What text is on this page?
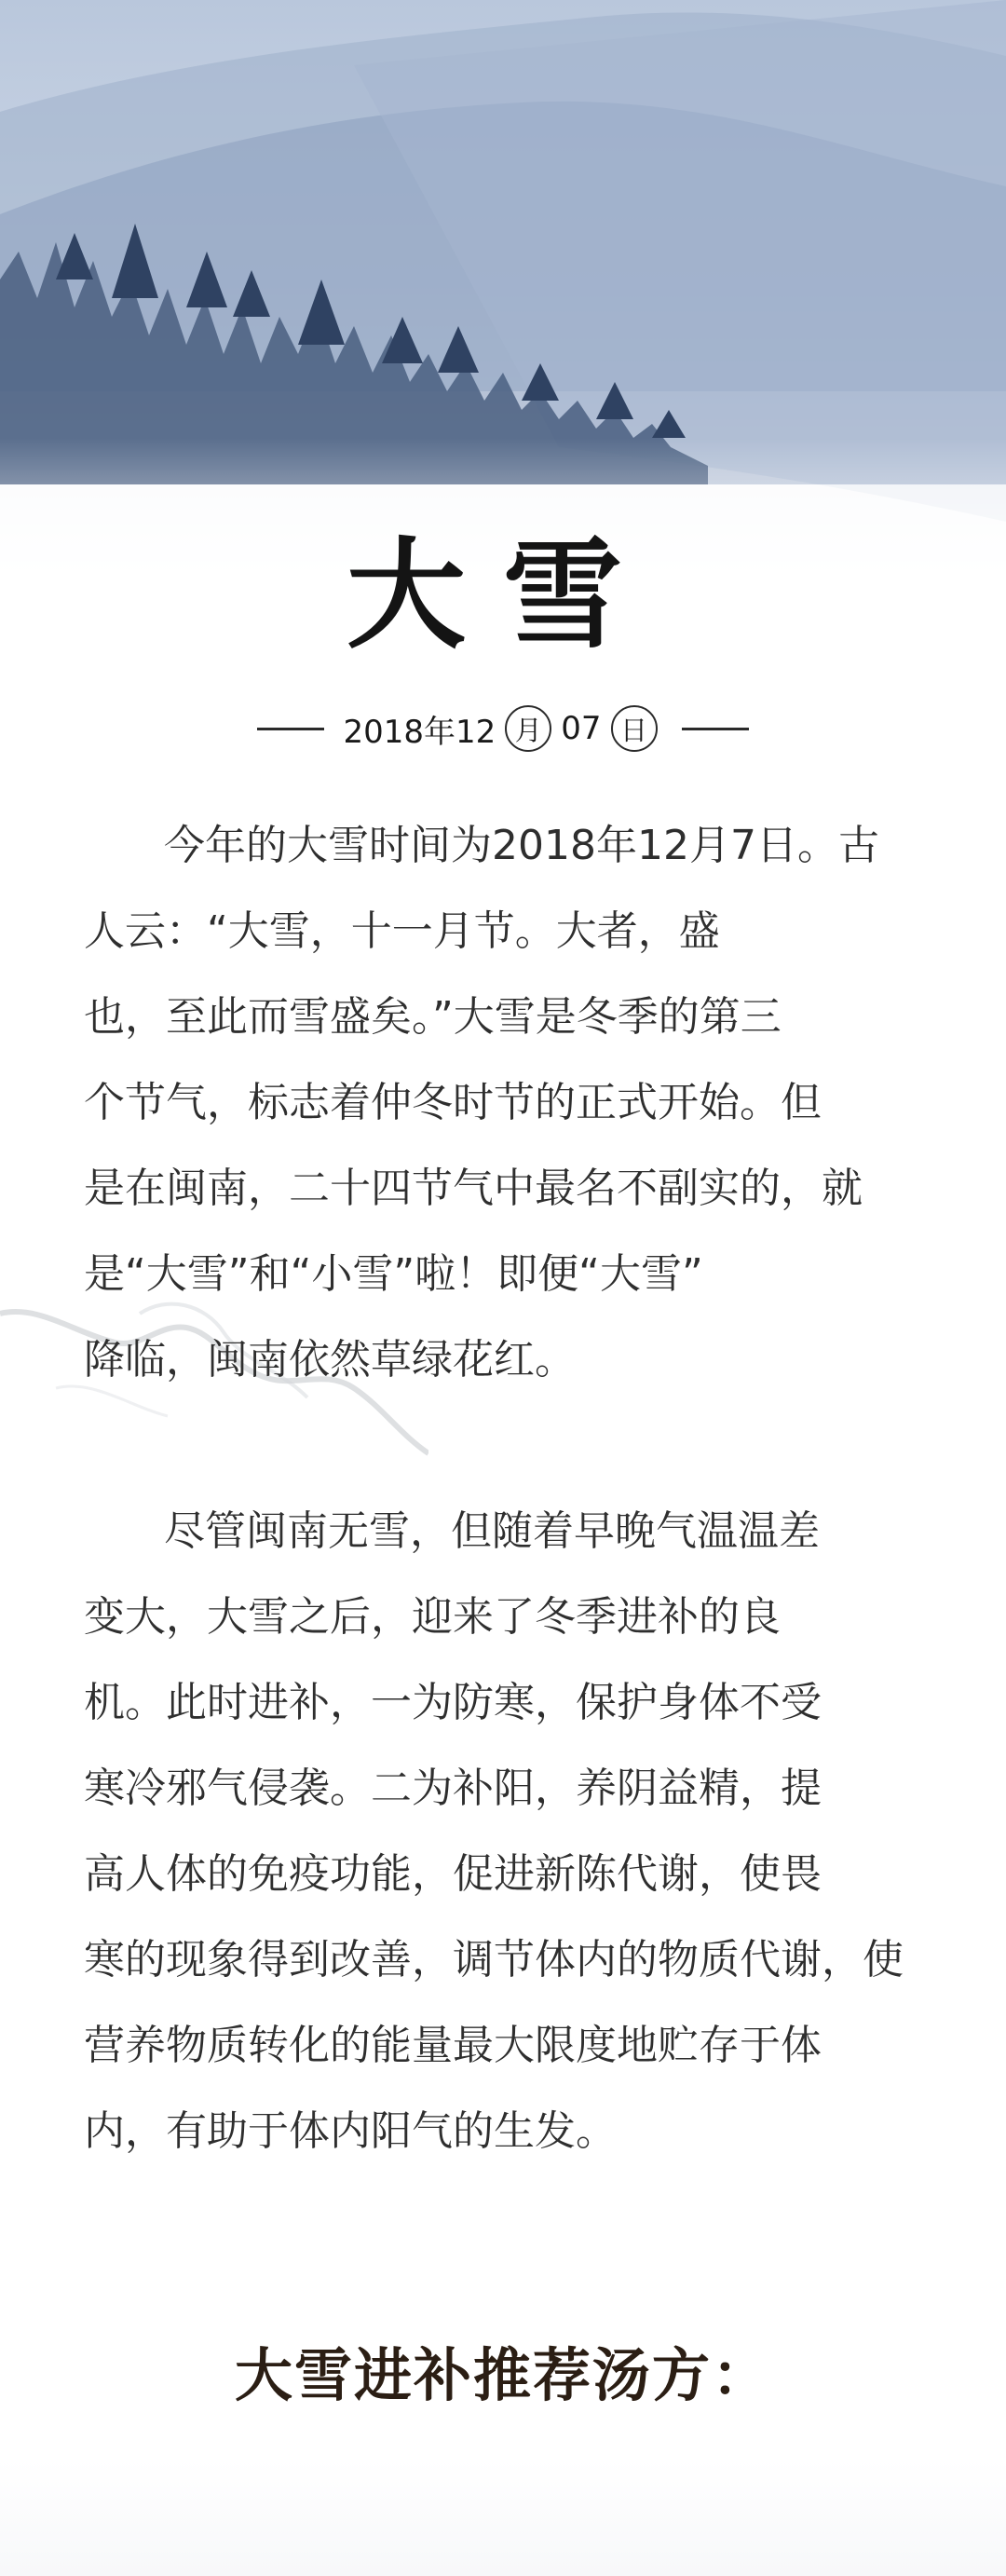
大雪
2018年12 月 07 日
今年的大雪时间为2018年12月7日。古
人云：“大雪，十一月节。大者，盛
也，至此而雪盛矣。”大雪是冬季的第三
个节气，标志着仲冬时节的正式开始。但
是在闽南，二十四节气中最名不副实的，就
是“大雪”和“小雪”啦！即便“大雪”
降临，闽南依然草绿花红。
尽管闽南无雪，但随着早晚气温温差
变大，大雪之后，迎来了冬季进补的良
机。此时进补，一为防寒，保护身体不受
寒冷邪气侵袭。二为补阳，养阴益精，提
高人体的免疫功能，促进新陈代谢，使畏
寒的现象得到改善，调节体内的物质代谢，使
营养物质转化的能量最大限度地贮存于体
内，有助于体内阳气的生发。
大雪进补推荐汤方：
